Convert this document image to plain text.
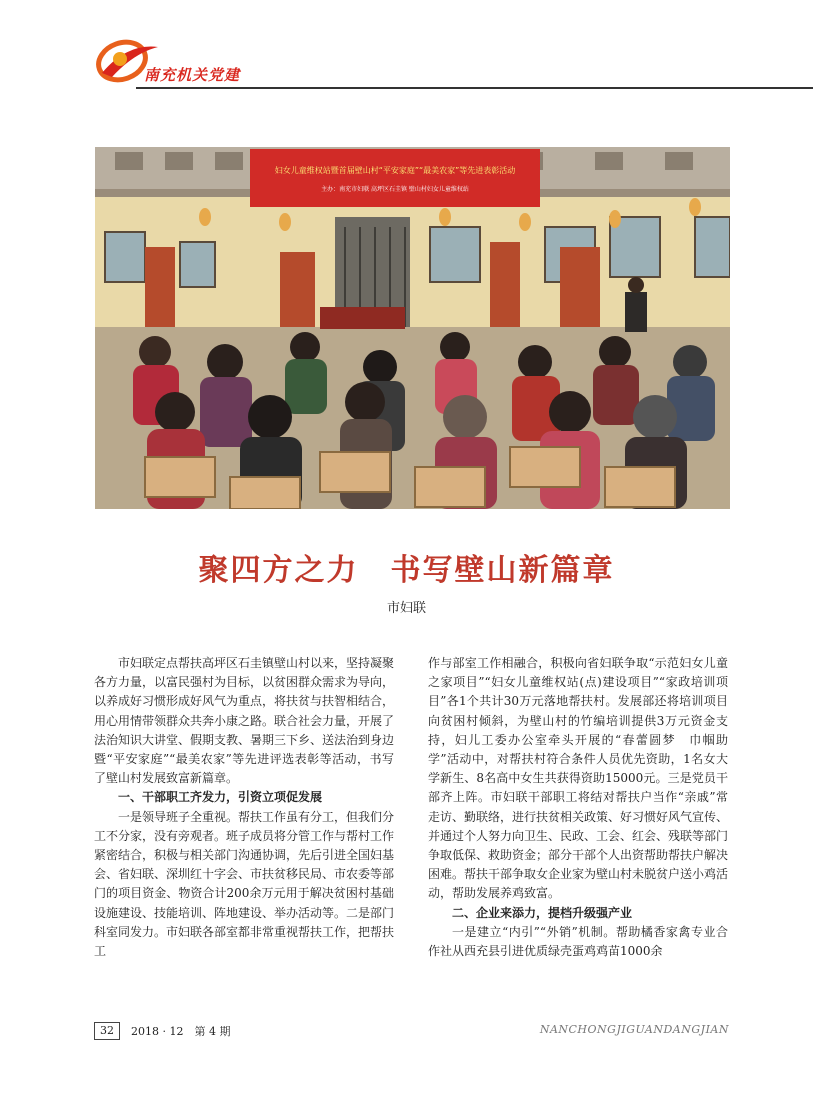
南充机关党建
妇女儿童维权站暨首届壁山村“平安家庭”“最美农家”等先进表彰活动
主办：南充市妇联 高坪区石圭镇 壁山村妇女儿童维权站
聚四方之力　书写壁山新篇章
市妇联

市妇联定点帮扶高坪区石圭镇壁山村以来，坚持凝聚各方力量，以富民强村为目标，以贫困群众需求为导向，以养成好习惯形成好风气为重点，将扶贫与扶智相结合，用心用情带领群众共奔小康之路。联合社会力量，开展了法治知识大讲堂、假期支教、暑期三下乡、送法治到身边暨“平安家庭”“最美农家”等先进评选表彰等活动，书写了壁山村发展致富新篇章。

一、干部职工齐发力，引资立项促发展

一是领导班子全重视。帮扶工作虽有分工，但我们分工不分家，没有旁观者。班子成员将分管工作与帮村工作紧密结合，积极与相关部门沟通协调，先后引进全国妇基会、省妇联、深圳红十字会、市扶贫移民局、市农委等部门的项目资金、物资合计200余万元用于解决贫困村基础设施建设、技能培训、阵地建设、举办活动等。二是部门科室同发力。市妇联各部室都非常重视帮扶工作，把帮扶工

作与部室工作相融合，积极向省妇联争取“示范妇女儿童之家项目”“妇女儿童维权站(点)建设项目”“家政培训项目”各1个共计30万元落地帮扶村。发展部还将培训项目向贫困村倾斜，为壁山村的竹编培训提供3万元资金支持，妇儿工委办公室牵头开展的“春蕾圆梦　巾帼助学”活动中，对帮扶村符合条件人员优先资助，1名女大学新生、8名高中女生共获得资助15000元。三是党员干部齐上阵。市妇联干部职工将结对帮扶户当作“亲戚”常走访、勤联络，进行扶贫相关政策、好习惯好风气宣传、并通过个人努力向卫生、民政、工会、红会、残联等部门争取低保、救助资金；部分干部个人出资帮助帮扶户解决困难。帮扶干部争取女企业家为壁山村未脱贫户送小鸡活动，帮助发展养鸡致富。

二、企业来添力，提档升级强产业

一是建立“内引”“外销”机制。帮助橘香家禽专业合作社从西充县引进优质绿壳蛋鸡鸡苗1000余

32	2018 · 12　第 4 期	NANCHONGJIGUANDANGJIAN
